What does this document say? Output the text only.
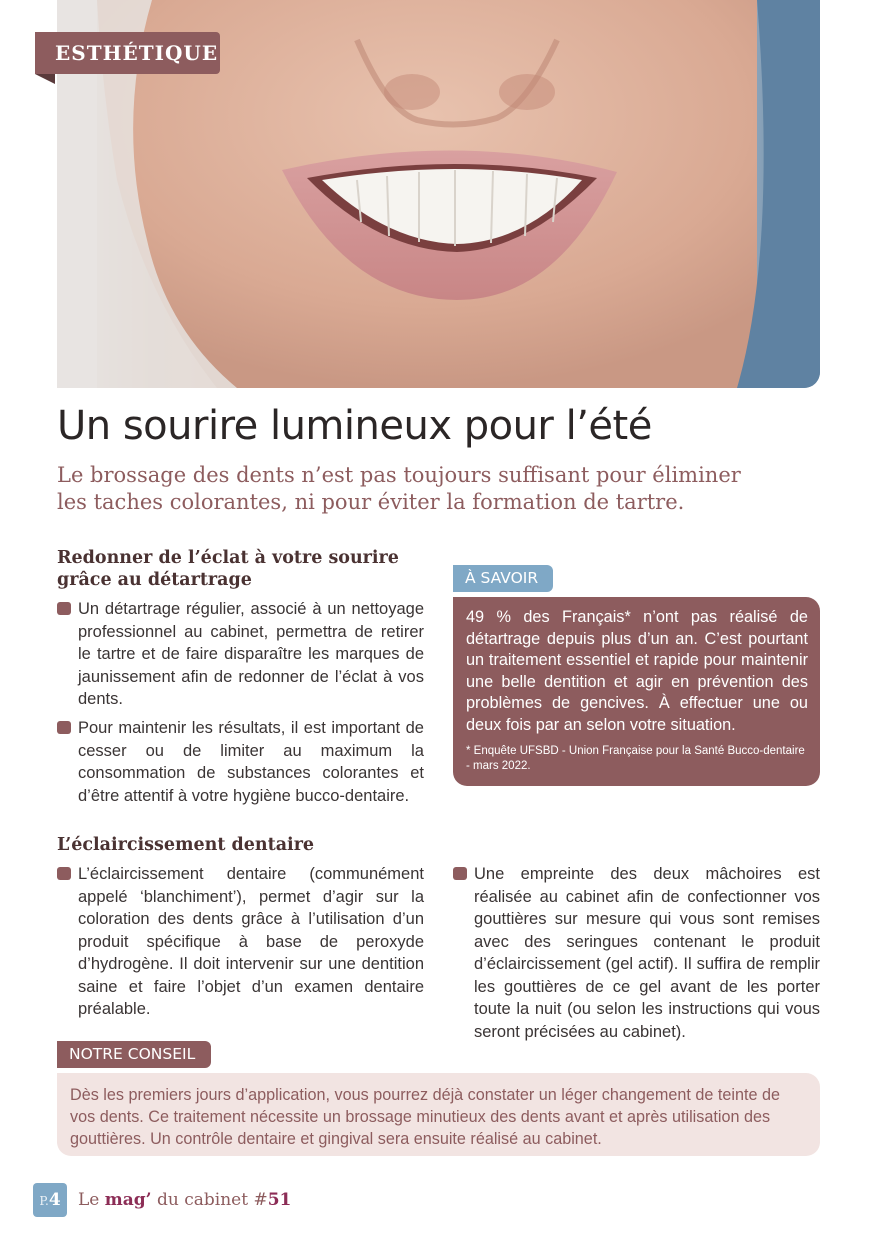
ESTHÉTIQUE
Un sourire lumineux pour l’été

Le brossage des dents n’est pas toujours suffisant pour éliminer les taches colorantes, ni pour éviter la formation de tartre.

Redonner de l’éclat à votre sourire
grâce au détartrage
Un détartrage régulier, associé à un nettoyage professionnel au cabinet, permettra de retirer le tartre et de faire disparaître les marques de jaunissement afin de redonner de l’éclat à vos dents.
Pour maintenir les résultats, il est important de cesser ou de limiter au maximum la consommation de substances colorantes et d’être attentif à votre hygiène bucco-dentaire.
À SAVOIR

49 % des Français* n’ont pas réalisé de détartrage depuis plus d’un an. C’est pourtant un traitement essentiel et rapide pour maintenir une belle dentition et agir en prévention des problèmes de gencives. À effectuer une ou deux fois par an selon votre situation.

* Enquête UFSBD - Union Française pour la Santé Bucco-dentaire - mars 2022.

L’éclaircissement dentaire
L’éclaircissement dentaire (communément appelé ‘blanchiment’), permet d’agir sur la coloration des dents grâce à l’utilisation d’un produit spécifique à base de peroxyde d’hydrogène. Il doit intervenir sur une dentition saine et faire l’objet d’un examen dentaire préalable.
Une empreinte des deux mâchoires est réalisée au cabinet afin de confectionner vos gouttières sur mesure qui vous sont remises avec des seringues contenant le produit d’éclaircissement (gel actif). Il suffira de remplir les gouttières de ce gel avant de les porter toute la nuit (ou selon les instructions qui vous seront précisées au cabinet).
NOTRE CONSEIL

Dès les premiers jours d’application, vous pourrez déjà constater un léger changement de teinte de vos dents. Ce traitement nécessite un brossage minutieux des dents avant et après utilisation des gouttières. Un contrôle dentaire et gingival sera ensuite réalisé au cabinet.

P.4	Le mag’ du cabinet #51
